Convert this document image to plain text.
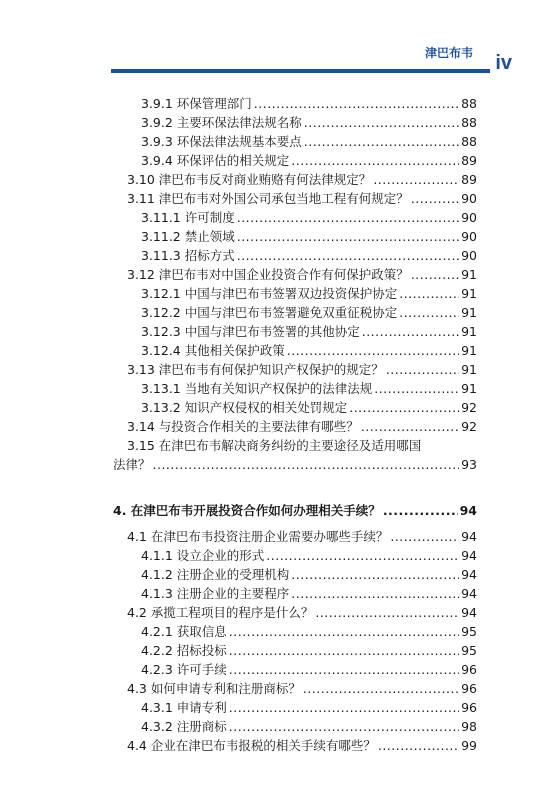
津巴布韦 iv
3.9.1 环保管理部门 .....	88
3.9.2 主要环保法律法规名称 .....	88
3.9.3 环保法律法规基本要点 .....	88
3.9.4 环保评估的相关规定 .....	89
3.10 津巴布韦反对商业贿赂有何法律规定？ .....	89
3.11 津巴布韦对外国公司承包当地工程有何规定？ .....	90
3.11.1 许可制度 .....	90
3.11.2 禁止领域 .....	90
3.11.3 招标方式 .....	90
3.12 津巴布韦对中国企业投资合作有何保护政策？ .....	91
3.12.1 中国与津巴布韦签署双边投资保护协定 .....	91
3.12.2 中国与津巴布韦签署避免双重征税协定 .....	91
3.12.3 中国与津巴布韦签署的其他协定 .....	91
3.12.4 其他相关保护政策 .....	91
3.13 津巴布韦有何保护知识产权保护的规定？ .....	91
3.13.1 当地有关知识产权保护的法律法规 .....	91
3.13.2 知识产权侵权的相关处罚规定 .....	92
3.14 与投资合作相关的主要法律有哪些？ .....	92
3.15 在津巴布韦解决商务纠纷的主要途径及适用哪国
法律？ .....	93
4. 在津巴布韦开展投资合作如何办理相关手续？ .....	94
4.1 在津巴布韦投资注册企业需要办哪些手续？ .....	94
4.1.1 设立企业的形式 .....	94
4.1.2 注册企业的受理机构 .....	94
4.1.3 注册企业的主要程序 .....	94
4.2 承揽工程项目的程序是什么？ .....	94
4.2.1 获取信息 .....	95
4.2.2 招标投标 .....	95
4.2.3 许可手续 .....	96
4.3 如何申请专利和注册商标？ .....	96
4.3.1 申请专利 .....	96
4.3.2 注册商标 .....	98
4.4 企业在津巴布韦报税的相关手续有哪些？ .....	99
